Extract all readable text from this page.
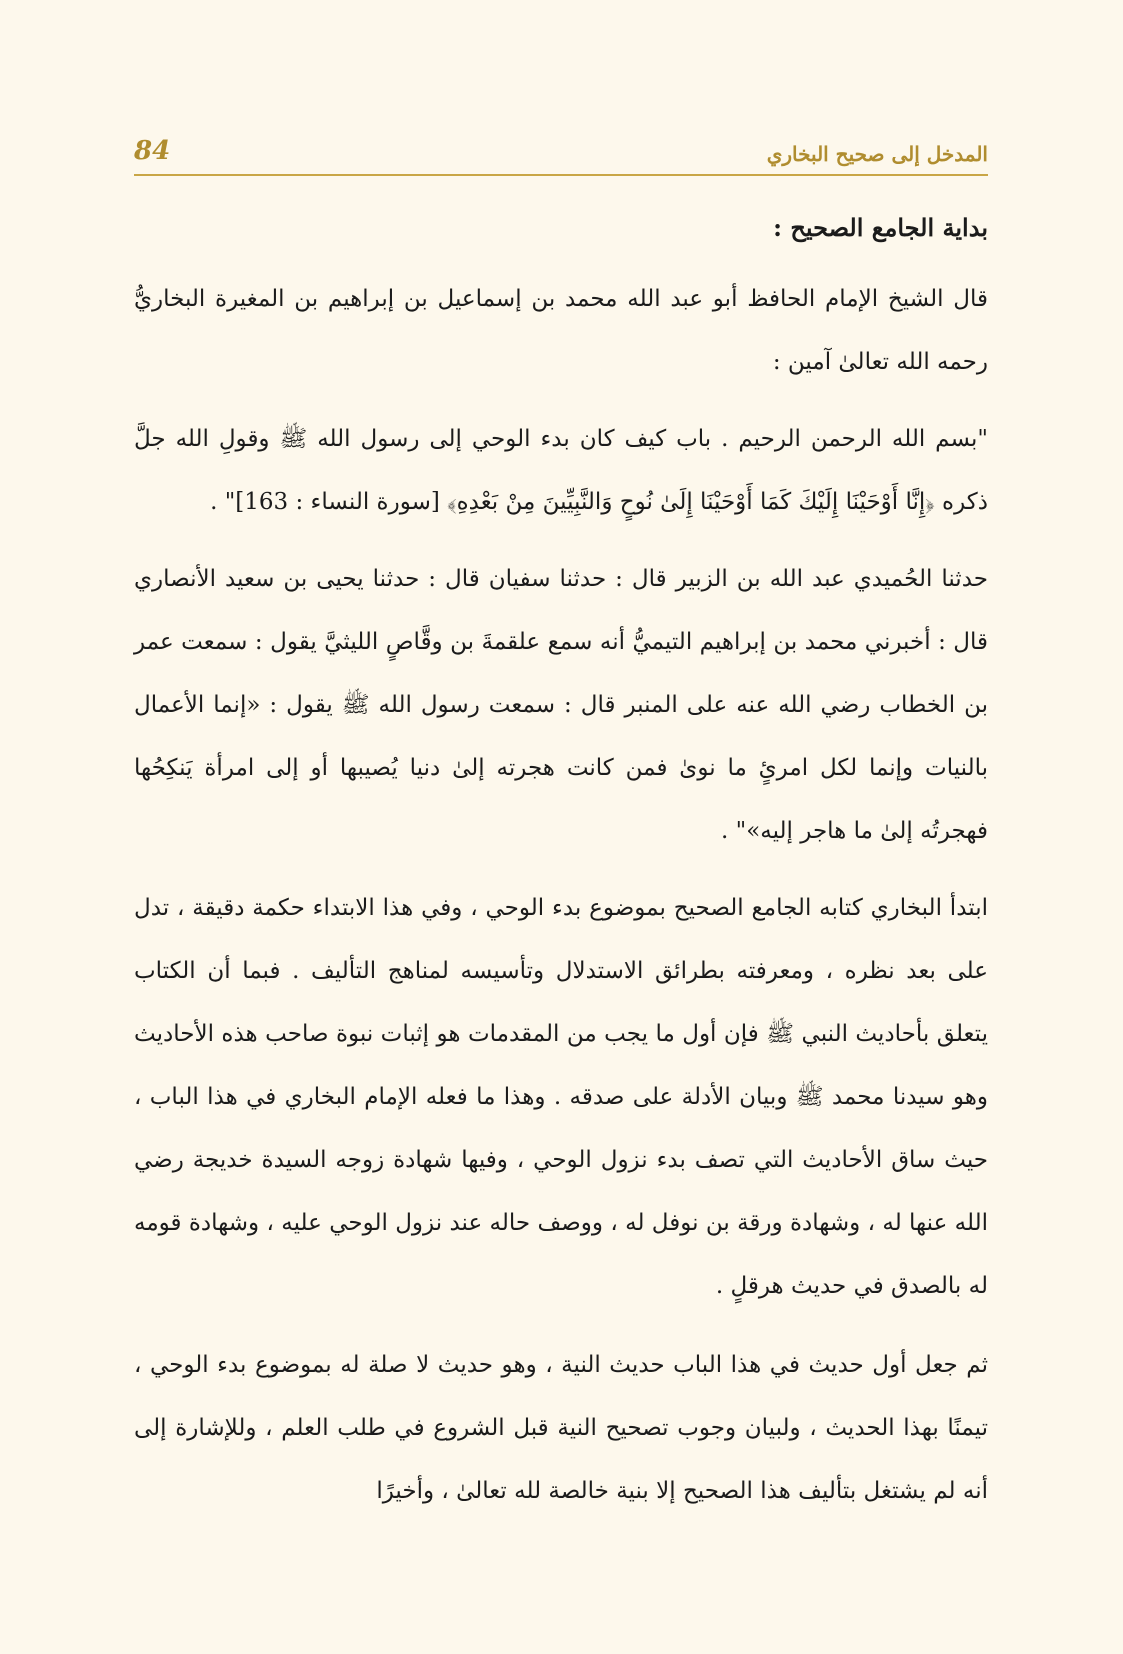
المدخل إلى صحيح البخاري
84
بداية الجامع الصحيح :

قال الشيخ الإمام الحافظ أبو عبد الله محمد بن إسماعيل بن إبراهيم بن المغيرة البخاريُّ رحمه الله تعالىٰ آمين :

"بسم الله الرحمن الرحيم . باب كيف كان بدء الوحي إلى رسول الله ﷺ وقولِ الله جلَّ ذكره ﴿إِنَّا أَوْحَيْنَا إِلَيْكَ كَمَا أَوْحَيْنَا إِلَىٰ نُوحٍ وَالنَّبِيِّينَ مِنْ بَعْدِهِ﴾ [سورة النساء : 163]" .

حدثنا الحُميدي عبد الله بن الزبير قال : حدثنا سفيان قال : حدثنا يحيى بن سعيد الأنصاري قال : أخبرني محمد بن إبراهيم التيميُّ أنه سمع علقمةَ بن وقَّاصٍ الليثيَّ يقول : سمعت عمر بن الخطاب رضي الله عنه على المنبر قال : سمعت رسول الله ﷺ يقول : «إنما الأعمال بالنيات وإنما لكل امرئٍ ما نوىٰ فمن كانت هجرته إلىٰ دنيا يُصيبها أو إلى امرأة يَنكِحُها فهجرتُه إلىٰ ما هاجر إليه»" .

ابتدأ البخاري كتابه الجامع الصحيح بموضوع بدء الوحي ، وفي هذا الابتداء حكمة دقيقة ، تدل على بعد نظره ، ومعرفته بطرائق الاستدلال وتأسيسه لمناهج التأليف . فبما أن الكتاب يتعلق بأحاديث النبي ﷺ فإن أول ما يجب من المقدمات هو إثبات نبوة صاحب هذه الأحاديث وهو سيدنا محمد ﷺ وبيان الأدلة على صدقه . وهذا ما فعله الإمام البخاري في هذا الباب ، حيث ساق الأحاديث التي تصف بدء نزول الوحي ، وفيها شهادة زوجه السيدة خديجة رضي الله عنها له ، وشهادة ورقة بن نوفل له ، ووصف حاله عند نزول الوحي عليه ، وشهادة قومه له بالصدق في حديث هرقلٍ .

ثم جعل أول حديث في هذا الباب حديث النية ، وهو حديث لا صلة له بموضوع بدء الوحي ، تيمنًا بهذا الحديث ، ولبيان وجوب تصحيح النية قبل الشروع في طلب العلم ، وللإشارة إلى أنه لم يشتغل بتأليف هذا الصحيح إلا بنية خالصة لله تعالىٰ ، وأخيرًا
